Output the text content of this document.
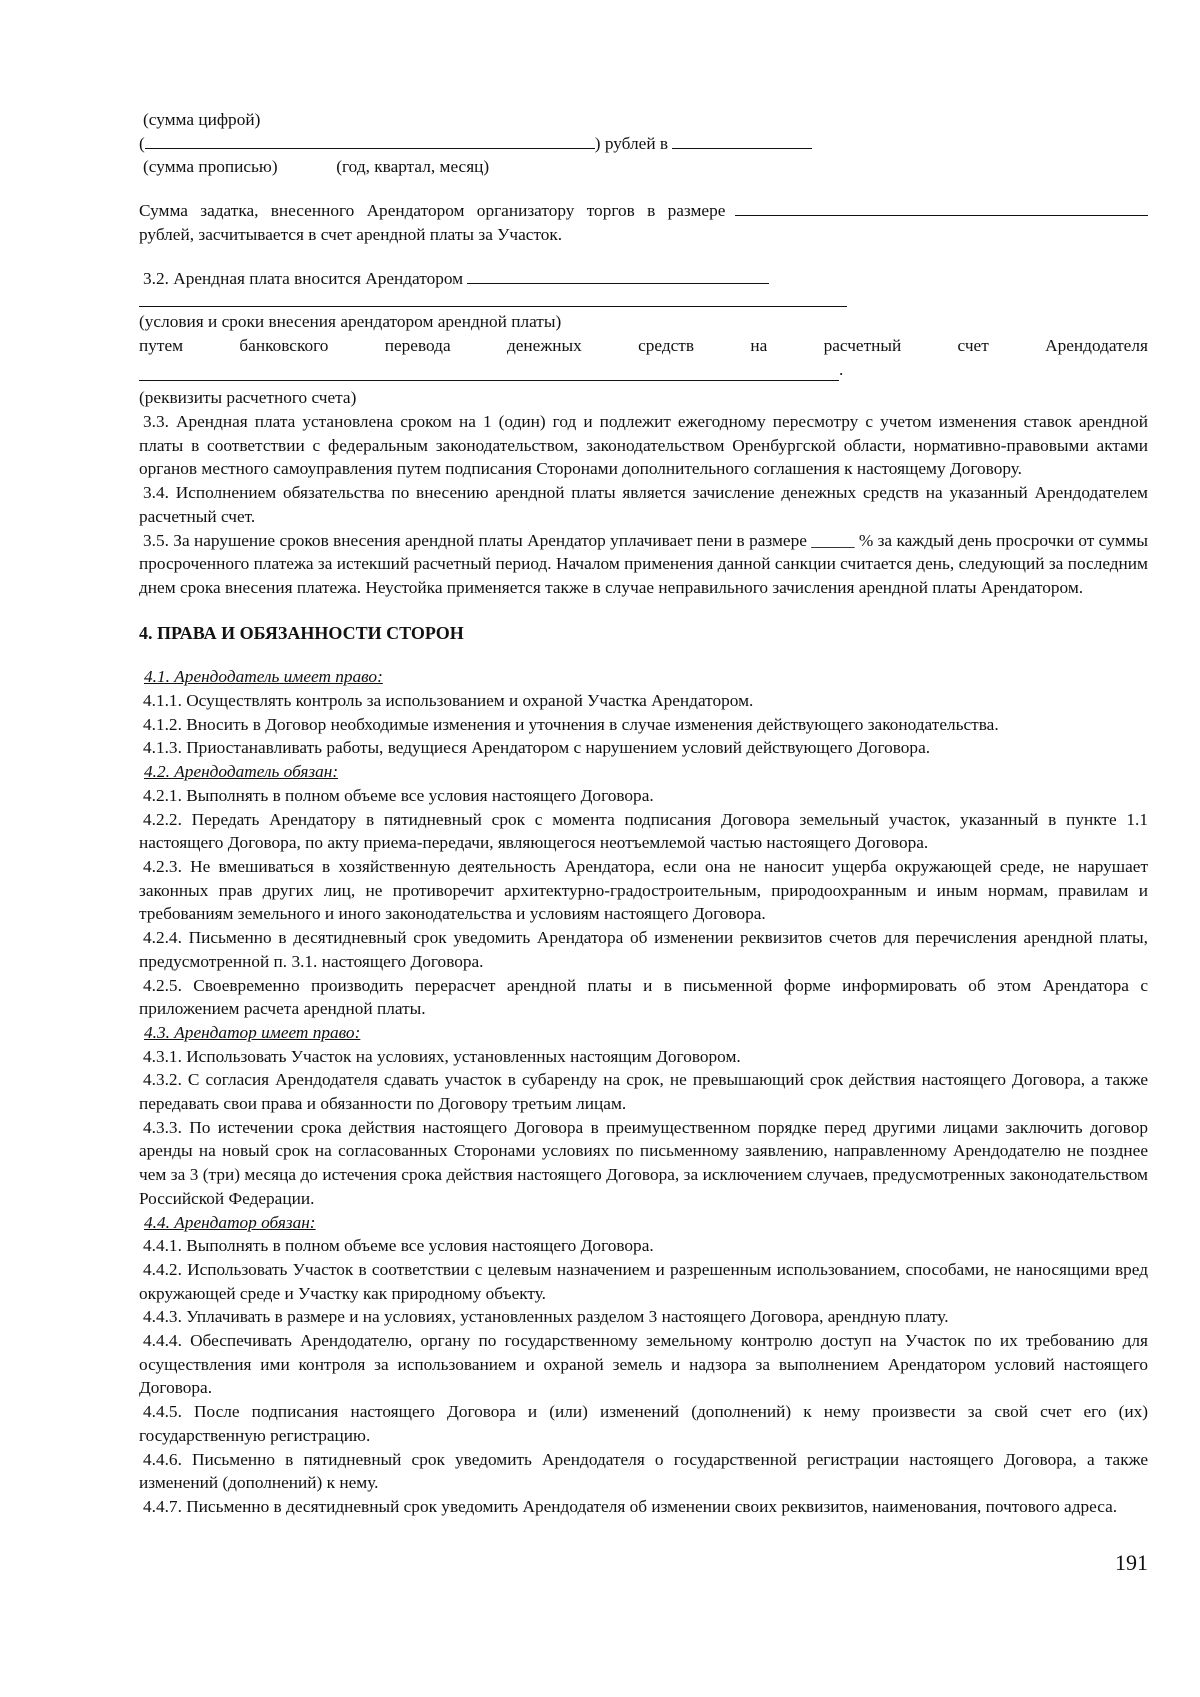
(сумма цифрой)
(	) рублей в
(сумма прописью)	(год, квартал, месяц)
Сумма задатка, внесенного Арендатором организатору торгов в размере
рублей, засчитывается в счет арендной платы за Участок.
3.2. Арендная плата вносится Арендатором
(условия и сроки внесения арендатором арендной платы)
путем	банковского	перевода	денежных	средств	на	расчетный	счет	Арендодателя
.
(реквизиты расчетного счета)

3.3. Арендная плата установлена сроком на 1 (один) год и подлежит ежегодному пересмотру с учетом изменения ставок арендной платы в соответствии с федеральным законодательством, законодательством Оренбургской области, нормативно-правовыми актами органов местного самоуправления путем подписания Сторонами дополнительного соглашения к настоящему Договору.

3.4. Исполнением обязательства по внесению арендной платы является зачисление денежных средств на указанный Арендодателем расчетный счет.

3.5. За нарушение сроков внесения арендной платы Арендатор уплачивает пени в размере _____ % за каждый день просрочки от суммы просроченного платежа за истекший расчетный период. Началом применения данной санкции считается день, следующий за последним днем срока внесения платежа. Неустойка применяется также в случае неправильного зачисления арендной платы Арендатором.

4. ПРАВА И ОБЯЗАННОСТИ СТОРОН
4.1. Арендодатель имеет право:

4.1.1. Осуществлять контроль за использованием и охраной Участка Арендатором.

4.1.2. Вносить в Договор необходимые изменения и уточнения в случае изменения действующего законодательства.

4.1.3. Приостанавливать работы, ведущиеся Арендатором с нарушением условий действующего Договора.

4.2. Арендодатель обязан:

4.2.1. Выполнять в полном объеме все условия настоящего Договора.

4.2.2. Передать Арендатору в пятидневный срок с момента подписания Договора земельный участок, указанный в пункте 1.1 настоящего Договора, по акту приема-передачи, являющегося неотъемлемой частью настоящего Договора.

4.2.3. Не вмешиваться в хозяйственную деятельность Арендатора, если она не наносит ущерба окружающей среде, не нарушает законных прав других лиц, не противоречит архитектурно-градостроительным, природоохранным и иным нормам, правилам и требованиям земельного и иного законодательства и условиям настоящего Договора.

4.2.4. Письменно в десятидневный срок уведомить Арендатора об изменении реквизитов счетов для перечисления арендной платы, предусмотренной п. 3.1. настоящего Договора.

4.2.5. Своевременно производить перерасчет арендной платы и в письменной форме информировать об этом Арендатора с приложением расчета арендной платы.

4.3. Арендатор имеет право:

4.3.1. Использовать Участок на условиях, установленных настоящим Договором.

4.3.2. С согласия Арендодателя сдавать участок в субаренду на срок, не превышающий срок действия настоящего Договора, а также передавать свои права и обязанности по Договору третьим лицам.

4.3.3. По истечении срока действия настоящего Договора в преимущественном порядке перед другими лицами заключить договор аренды на новый срок на согласованных Сторонами условиях по письменному заявлению, направленному Арендодателю не позднее чем за 3 (три) месяца до истечения срока действия настоящего Договора, за исключением случаев, предусмотренных законодательством Российской Федерации.

4.4. Арендатор обязан:

4.4.1. Выполнять в полном объеме все условия настоящего Договора.

4.4.2. Использовать Участок в соответствии с целевым назначением и разрешенным использованием, способами, не наносящими вред окружающей среде и Участку как природному объекту.

4.4.3. Уплачивать в размере и на условиях, установленных разделом 3 настоящего Договора, арендную плату.

4.4.4. Обеспечивать Арендодателю, органу по государственному земельному контролю доступ на Участок по их требованию для осуществления ими контроля за использованием и охраной земель и надзора за выполнением Арендатором условий настоящего Договора.

4.4.5. После подписания настоящего Договора и (или) изменений (дополнений) к нему произвести за свой счет его (их) государственную регистрацию.

4.4.6. Письменно в пятидневный срок уведомить Арендодателя о государственной регистрации настоящего Договора, а также изменений (дополнений) к нему.

4.4.7. Письменно в десятидневный срок уведомить Арендодателя об изменении своих реквизитов, наименования, почтового адреса.

191
